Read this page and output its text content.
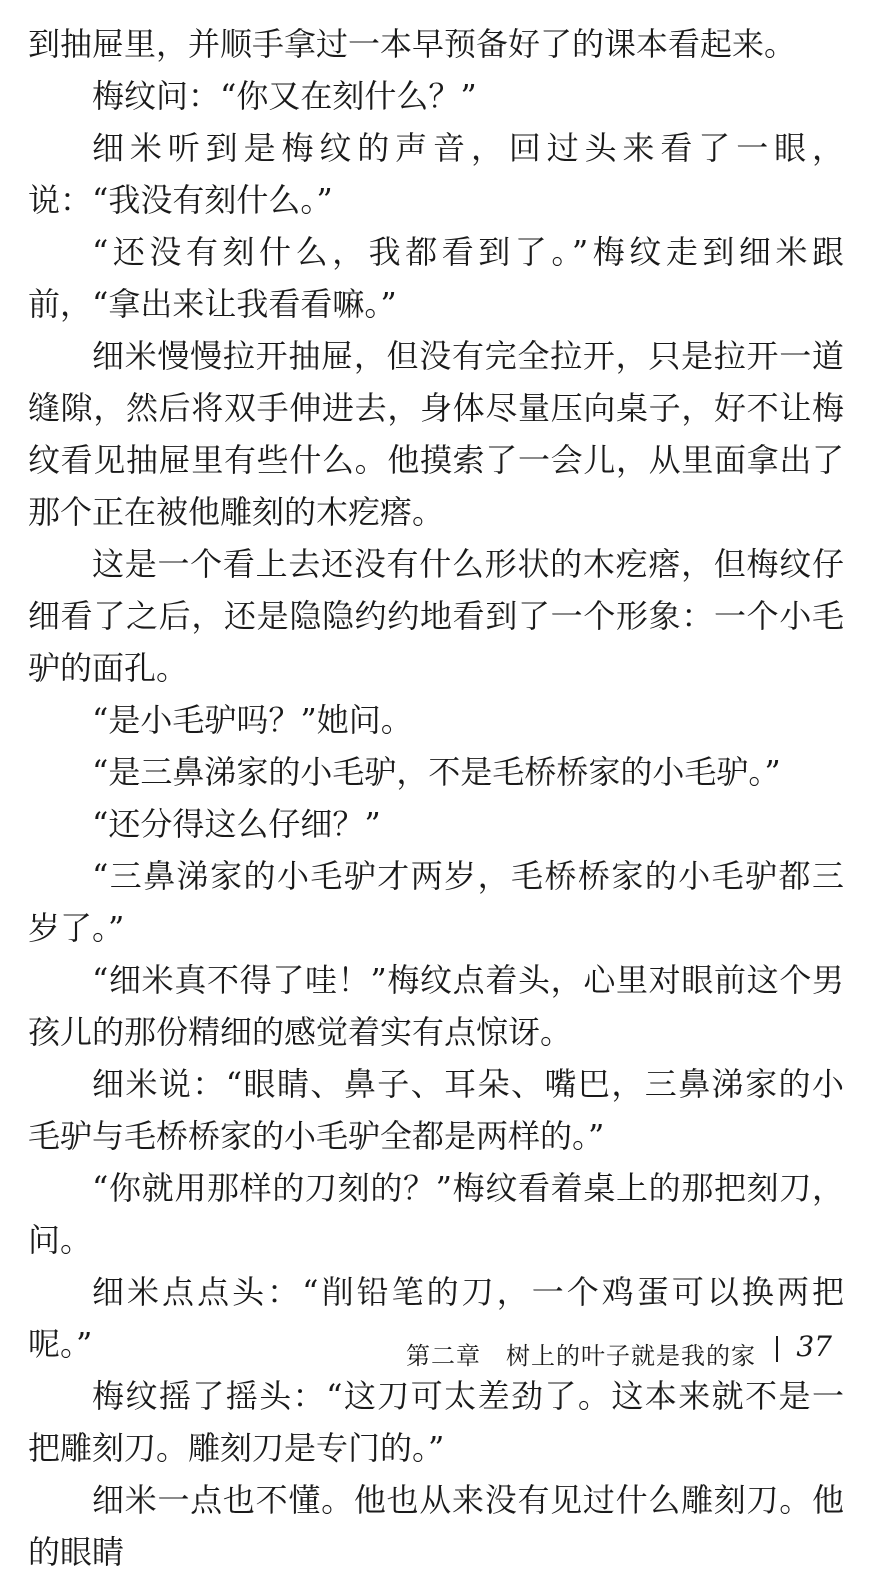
到抽屉里，并顺手拿过一本早预备好了的课本看起来。

梅纹问：“你又在刻什么？”

细米听到是梅纹的声音，回过头来看了一眼，说：“我没有刻什么。”

“还没有刻什么，我都看到了。”梅纹走到细米跟前，“拿出来让我看看嘛。”

细米慢慢拉开抽屉，但没有完全拉开，只是拉开一道缝隙，然后将双手伸进去，身体尽量压向桌子，好不让梅纹看见抽屉里有些什么。他摸索了一会儿，从里面拿出了那个正在被他雕刻的木疙瘩。

这是一个看上去还没有什么形状的木疙瘩，但梅纹仔细看了之后，还是隐隐约约地看到了一个形象：一个小毛驴的面孔。

“是小毛驴吗？”她问。

“是三鼻涕家的小毛驴，不是毛桥桥家的小毛驴。”

“还分得这么仔细？”

“三鼻涕家的小毛驴才两岁，毛桥桥家的小毛驴都三岁了。”

“细米真不得了哇！”梅纹点着头，心里对眼前这个男孩儿的那份精细的感觉着实有点惊讶。

细米说：“眼睛、鼻子、耳朵、嘴巴，三鼻涕家的小毛驴与毛桥桥家的小毛驴全都是两样的。”

“你就用那样的刀刻的？”梅纹看着桌上的那把刻刀，问。

细米点点头：“削铅笔的刀，一个鸡蛋可以换两把呢。”

梅纹摇了摇头：“这刀可太差劲了。这本来就不是一把雕刻刀。雕刻刀是专门的。”

细米一点也不懂。他也从来没有见过什么雕刻刀。他的眼睛

第二章　树上的叶子就是我的家 37
